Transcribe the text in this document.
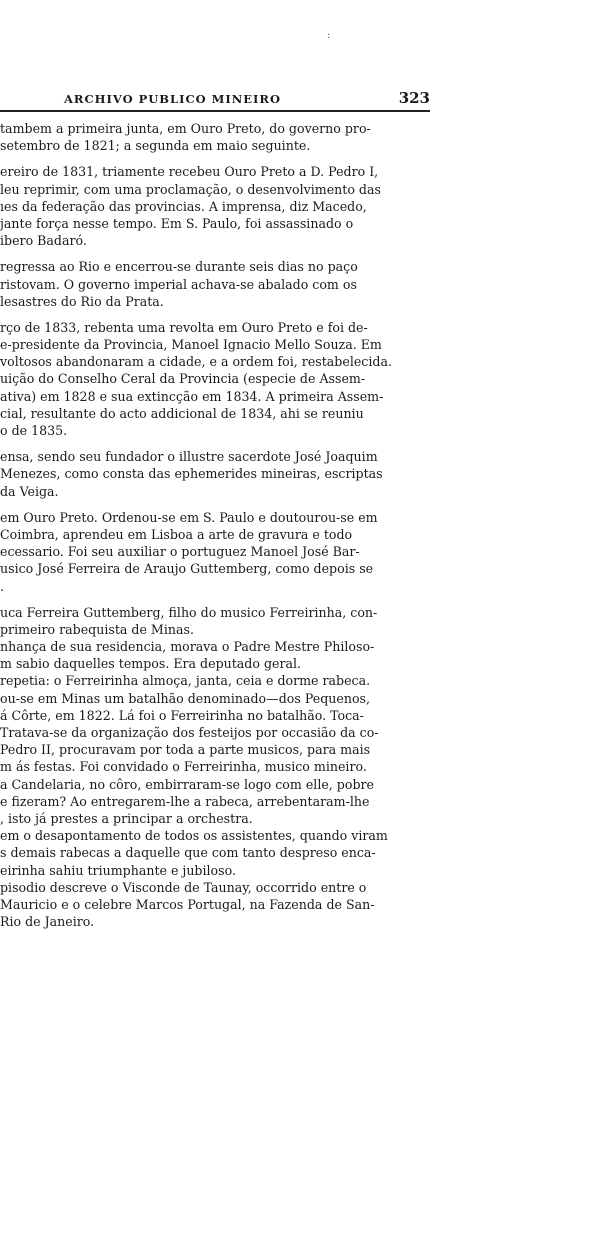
:
ARCHIVO PUBLICO MINEIRO	323

tambem a primeira junta, em Ouro Preto, do governo pro-
setembro de 1821; a segunda em maio seguinte.

ereiro de 1831, triamente recebeu Ouro Preto a D. Pedro I,
leu reprimir, com uma proclamação, o desenvolvimento das
ıes da federação das provincias. A imprensa, diz Macedo,
jante força nesse tempo. Em S. Paulo, foi assassinado o
ibero Badaró.

regressa ao Rio e encerrou-se durante seis dias no paço
ristovam. O governo imperial achava-se abalado com os
lesastres do Rio da Prata.

rço de 1833, rebenta uma revolta em Ouro Preto e foi de-
e-presidente da Provincia, Manoel Ignacio Mello Souza. Em
voltosos abandonaram a cidade, e a ordem foi, restabelecida.
uição do Conselho Ceral da Provincia (especie de Assem-
ativa) em 1828 e sua extincção em 1834. A primeira Assem-
cial, resultante do acto addicional de 1834, ahi se reuniu
o de 1835.

ensa, sendo seu fundador o illustre sacerdote José Joaquim
Menezes, como consta das ephemerides mineiras, escriptas
da Veiga.

em Ouro Preto. Ordenou-se em S. Paulo e doutourou-se em
Coimbra, aprendeu em Lisboa a arte de gravura e todo
ecessario. Foi seu auxiliar o portuguez Manoel José Bar-
usico José Ferreira de Araujo Guttemberg, como depois se
.

uca Ferreira Guttemberg, filho do musico Ferreirinha, con-
primeiro rabequista de Minas.
nhança de sua residencia, morava o Padre Mestre Philoso-
m sabio daquelles tempos. Era deputado geral.
repetia: o Ferreirinha almoça, janta, ceia e dorme rabeca.
ou-se em Minas um batalhão denominado—dos Pequenos,
á Côrte, em 1822. Lá foi o Ferreirinha no batalhão. Toca-
Tratava-se da organização dos festeijos por occasião da co-
Pedro II, procuravam por toda a parte musicos, para mais
m ás festas. Foi convidado o Ferreirinha, musico mineiro.
a Candelaria, no côro, embirraram-se logo com elle, pobre
e fizeram? Ao entregarem-lhe a rabeca, arrebentaram-lhe
, isto já prestes a principar a orchestra.
em o desapontamento de todos os assistentes, quando viram
s demais rabecas a daquelle que com tanto despreso enca-
eirinha sahiu triumphante e jubiloso.
pisodio descreve o Visconde de Taunay, occorrido entre o
Mauricio e o celebre Marcos Portugal, na Fazenda de San-
Rio de Janeiro.
